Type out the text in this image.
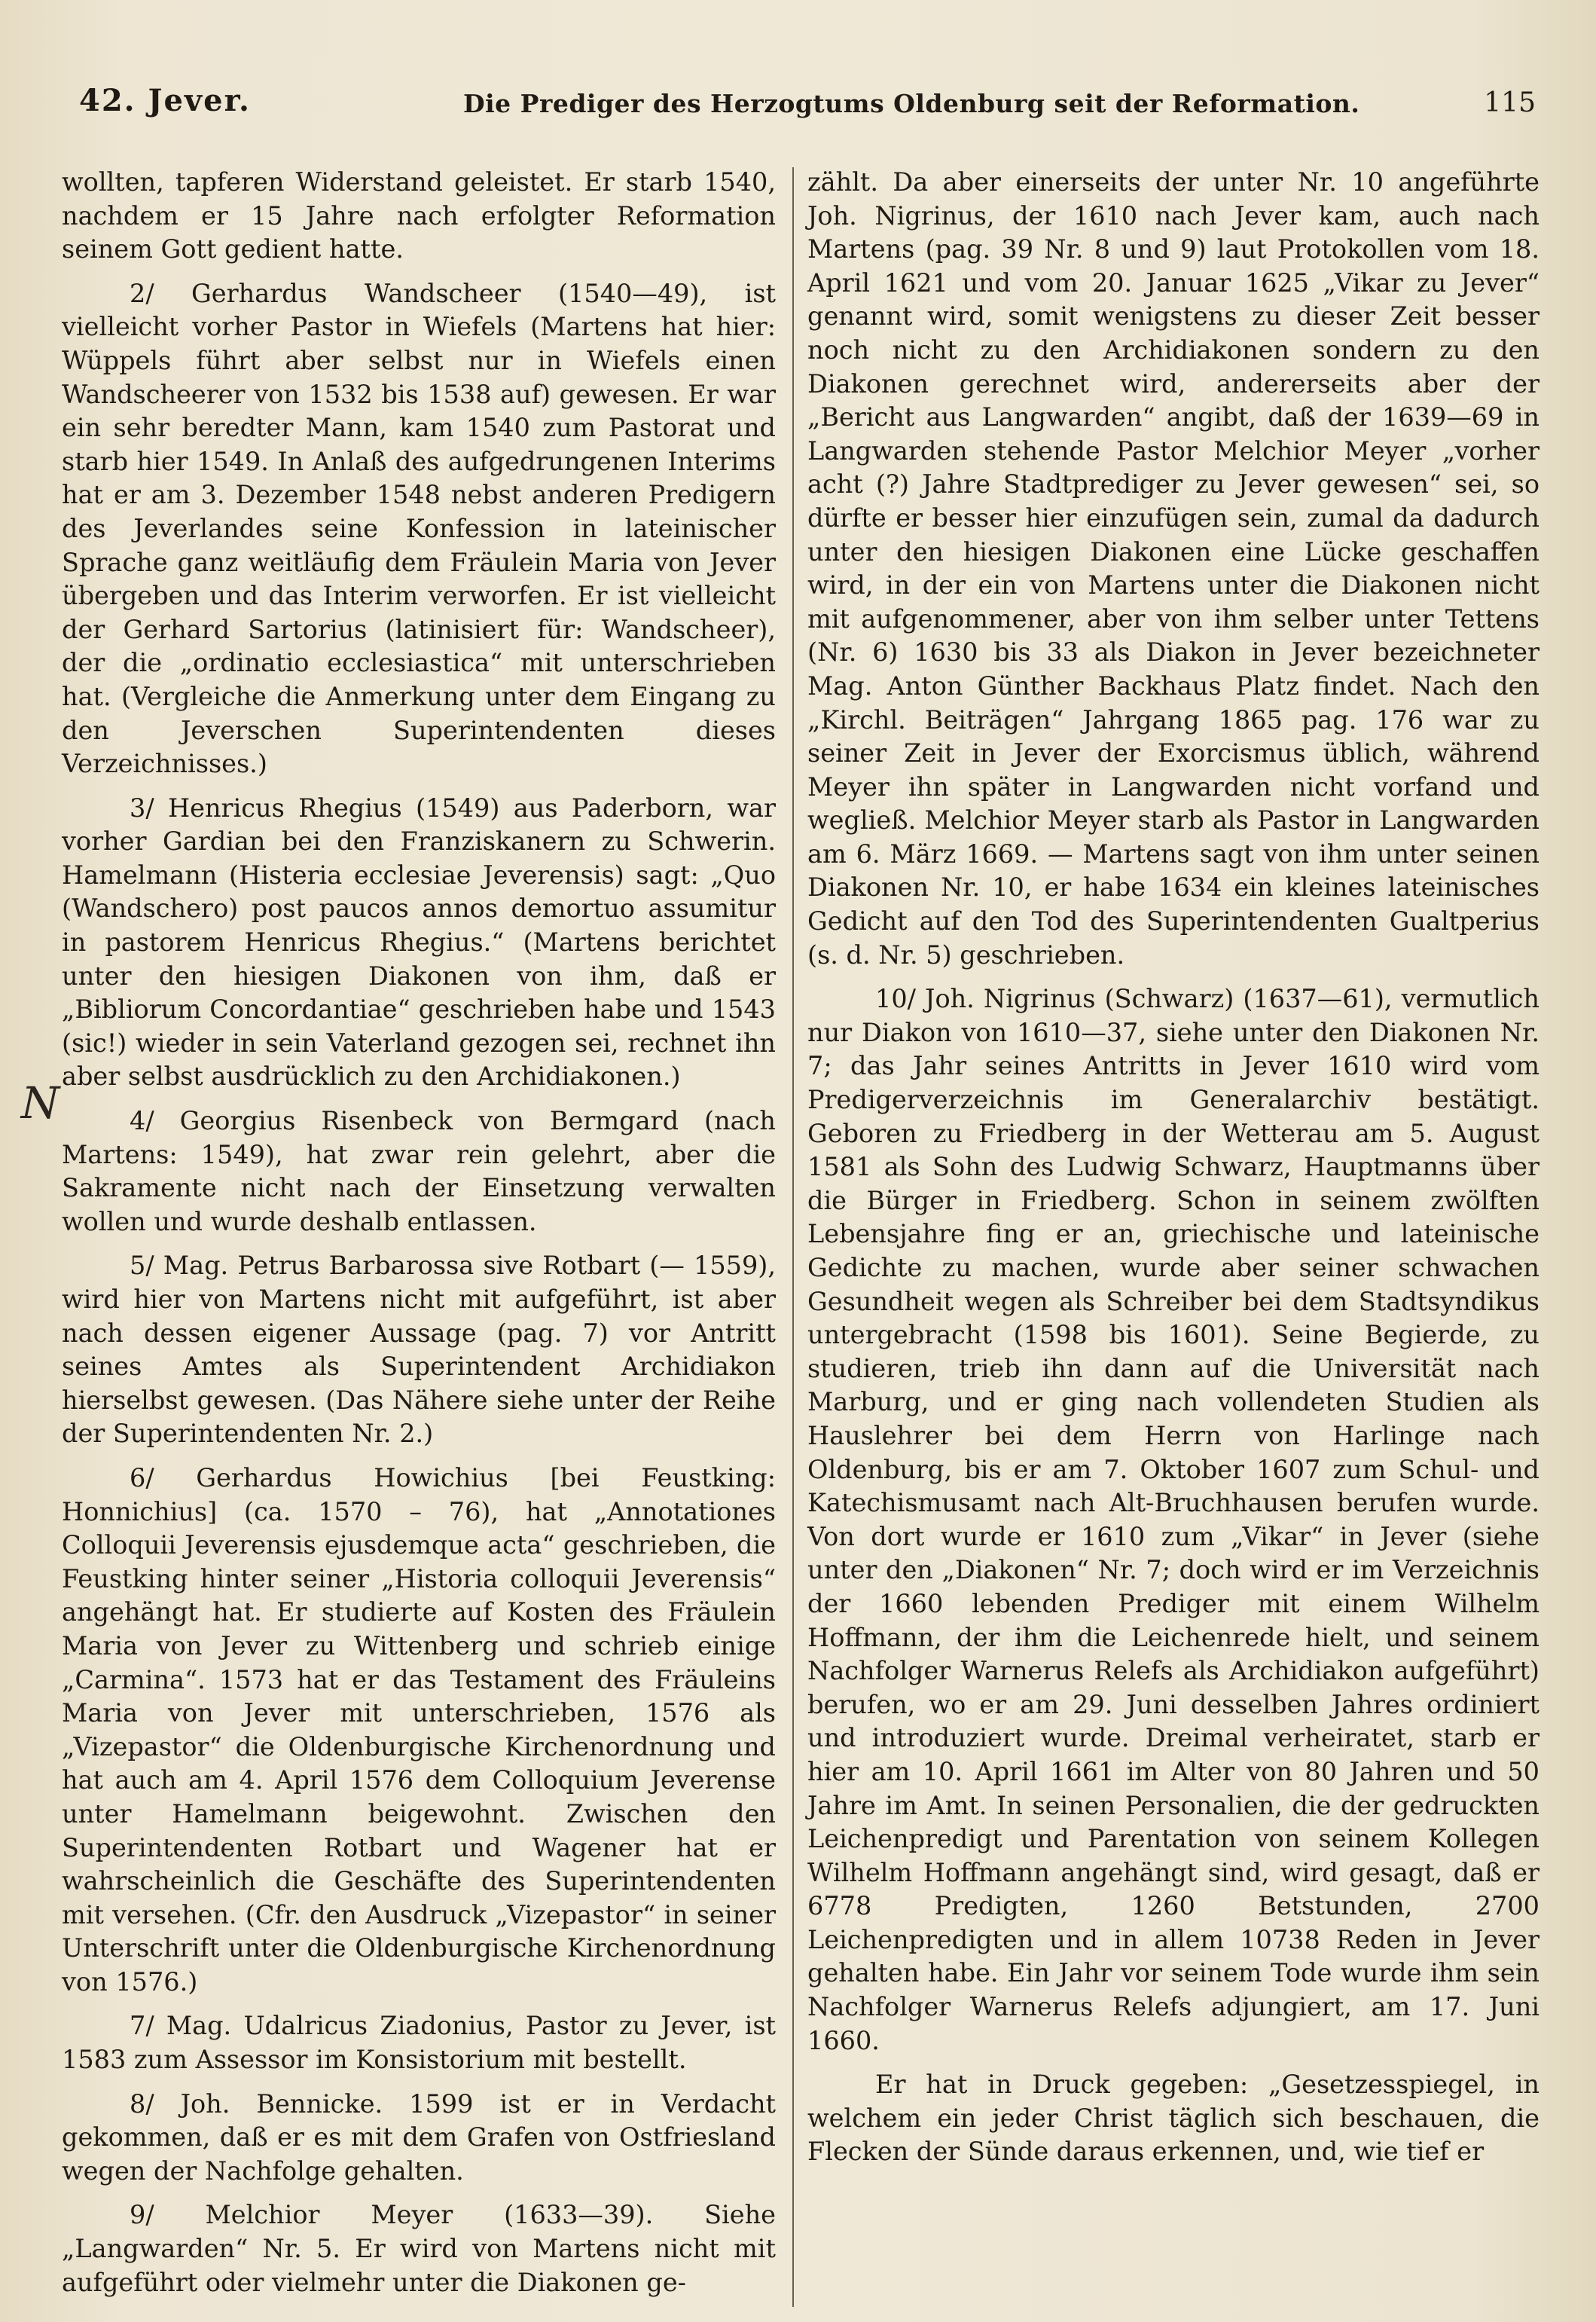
42. Jever.	Die Prediger des Herzogtums Oldenburg seit der Reformation.	115
N

wollten, tapferen Widerstand geleistet. Er starb 1540, nachdem er 15 Jahre nach erfolgter Reformation seinem Gott gedient hatte.

2/ Gerhardus Wandscheer (1540—49), ist vielleicht vorher Pastor in Wiefels (Martens hat hier: Wüppels führt aber selbst nur in Wiefels einen Wandscheerer von 1532 bis 1538 auf) gewesen. Er war ein sehr beredter Mann, kam 1540 zum Pastorat und starb hier 1549. In Anlaß des aufgedrungenen Interims hat er am 3. Dezember 1548 nebst anderen Predigern des Jeverlandes seine Konfession in lateinischer Sprache ganz weitläufig dem Fräulein Maria von Jever übergeben und das Interim verworfen. Er ist vielleicht der Gerhard Sartorius (latinisiert für: Wandscheer), der die „ordinatio ecclesiastica“ mit unterschrieben hat. (Vergleiche die Anmerkung unter dem Eingang zu den Jeverschen Superintendenten dieses Verzeichnisses.)

3/ Henricus Rhegius (1549) aus Paderborn, war vorher Gardian bei den Franziskanern zu Schwerin. Hamelmann (Histeria ecclesiae Jeverensis) sagt: „Quo (Wandschero) post paucos annos demortuo assumitur in pastorem Henricus Rhegius.“ (Martens berichtet unter den hiesigen Diakonen von ihm, daß er „Bibliorum Concordantiae“ geschrieben habe und 1543 (sic!) wieder in sein Vaterland gezogen sei, rechnet ihn aber selbst ausdrücklich zu den Archidiakonen.)

4/ Georgius Risenbeck von Bermgard (nach Martens: 1549), hat zwar rein gelehrt, aber die Sakramente nicht nach der Einsetzung verwalten wollen und wurde deshalb entlassen.

5/ Mag. Petrus Barbarossa sive Rotbart (— 1559), wird hier von Martens nicht mit aufgeführt, ist aber nach dessen eigener Aussage (pag. 7) vor Antritt seines Amtes als Superintendent Archidiakon hierselbst gewesen. (Das Nähere siehe unter der Reihe der Superintendenten Nr. 2.)

6/ Gerhardus Howichius [bei Feustking: Honnichius] (ca. 1570 – 76), hat „Annotationes Colloquii Jeverensis ejusdemque acta“ geschrieben, die Feustking hinter seiner „Historia colloquii Jeverensis“ angehängt hat. Er studierte auf Kosten des Fräulein Maria von Jever zu Wittenberg und schrieb einige „Carmina“. 1573 hat er das Testament des Fräuleins Maria von Jever mit unterschrieben, 1576 als „Vizepastor“ die Oldenburgische Kirchenordnung und hat auch am 4. April 1576 dem Colloquium Jeverense unter Hamelmann beigewohnt. Zwischen den Superintendenten Rotbart und Wagener hat er wahrscheinlich die Geschäfte des Superintendenten mit versehen. (Cfr. den Ausdruck „Vizepastor“ in seiner Unterschrift unter die Oldenburgische Kirchenordnung von 1576.)

7/ Mag. Udalricus Ziadonius, Pastor zu Jever, ist 1583 zum Assessor im Konsistorium mit bestellt.

8/ Joh. Bennicke. 1599 ist er in Verdacht gekommen, daß er es mit dem Grafen von Ostfriesland wegen der Nachfolge gehalten.

9/ Melchior Meyer (1633—39). Siehe „Langwarden“ Nr. 5. Er wird von Martens nicht mit aufgeführt oder vielmehr unter die Diakonen ge-

zählt. Da aber einerseits der unter Nr. 10 angeführte Joh. Nigrinus, der 1610 nach Jever kam, auch nach Martens (pag. 39 Nr. 8 und 9) laut Protokollen vom 18. April 1621 und vom 20. Januar 1625 „Vikar zu Jever“ genannt wird, somit wenigstens zu dieser Zeit besser noch nicht zu den Archidiakonen sondern zu den Diakonen gerechnet wird, andererseits aber der „Bericht aus Langwarden“ angibt, daß der 1639—69 in Langwarden stehende Pastor Melchior Meyer „vorher acht (?) Jahre Stadtprediger zu Jever gewesen“ sei, so dürfte er besser hier einzufügen sein, zumal da dadurch unter den hiesigen Diakonen eine Lücke geschaffen wird, in der ein von Martens unter die Diakonen nicht mit aufgenommener, aber von ihm selber unter Tettens (Nr. 6) 1630 bis 33 als Diakon in Jever bezeichneter Mag. Anton Günther Backhaus Platz findet. Nach den „Kirchl. Beiträgen“ Jahrgang 1865 pag. 176 war zu seiner Zeit in Jever der Exorcismus üblich, während Meyer ihn später in Langwarden nicht vorfand und wegließ. Melchior Meyer starb als Pastor in Langwarden am 6. März 1669. — Martens sagt von ihm unter seinen Diakonen Nr. 10, er habe 1634 ein kleines lateinisches Gedicht auf den Tod des Superintendenten Gualtperius (s. d. Nr. 5) geschrieben.

10/ Joh. Nigrinus (Schwarz) (1637—61), vermutlich nur Diakon von 1610—37, siehe unter den Diakonen Nr. 7; das Jahr seines Antritts in Jever 1610 wird vom Predigerverzeichnis im Generalarchiv bestätigt. Geboren zu Friedberg in der Wetterau am 5. August 1581 als Sohn des Ludwig Schwarz, Hauptmanns über die Bürger in Friedberg. Schon in seinem zwölften Lebensjahre fing er an, griechische und lateinische Gedichte zu machen, wurde aber seiner schwachen Gesundheit wegen als Schreiber bei dem Stadtsyndikus untergebracht (1598 bis 1601). Seine Begierde, zu studieren, trieb ihn dann auf die Universität nach Marburg, und er ging nach vollendeten Studien als Hauslehrer bei dem Herrn von Harlinge nach Oldenburg, bis er am 7. Oktober 1607 zum Schul- und Katechismusamt nach Alt-Bruchhausen berufen wurde. Von dort wurde er 1610 zum „Vikar“ in Jever (siehe unter den „Diakonen“ Nr. 7; doch wird er im Verzeichnis der 1660 lebenden Prediger mit einem Wilhelm Hoffmann, der ihm die Leichenrede hielt, und seinem Nachfolger Warnerus Relefs als Archidiakon aufgeführt) berufen, wo er am 29. Juni desselben Jahres ordiniert und introduziert wurde. Dreimal verheiratet, starb er hier am 10. April 1661 im Alter von 80 Jahren und 50 Jahre im Amt. In seinen Personalien, die der gedruckten Leichenpredigt und Parentation von seinem Kollegen Wilhelm Hoffmann angehängt sind, wird gesagt, daß er 6778 Predigten, 1260 Betstunden, 2700 Leichenpredigten und in allem 10738 Reden in Jever gehalten habe. Ein Jahr vor seinem Tode wurde ihm sein Nachfolger Warnerus Relefs adjungiert, am 17. Juni 1660.

Er hat in Druck gegeben: „Gesetzesspiegel, in welchem ein jeder Christ täglich sich beschauen, die Flecken der Sünde daraus erkennen, und, wie tief er
